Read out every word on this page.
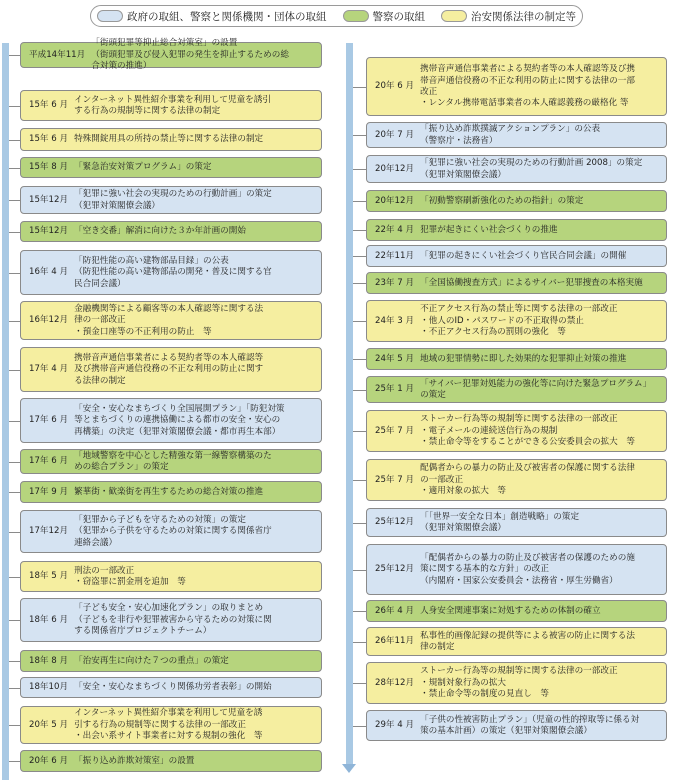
政府の取組、警察と関係機関・団体の取組	警察の取組	治安関係法律の制定等
平成14年11月
「街頭犯罪等抑止総合対策室」の設置
（街頭犯罪及び侵入犯罪の発生を抑止するための総
合対策の推進）
15年 6 月
インターネット異性紹介事業を利用して児童を誘引
する行為の規制等に関する法律の制定
15年 6 月 特殊開錠用具の所持の禁止等に関する法律の制定
15年 8 月 「緊急治安対策プログラム」の策定
15年12月
「犯罪に強い社会の実現のための行動計画」の策定
（犯罪対策閣僚会議）
15年12月 「空き交番」解消に向けた３か年計画の開始
16年 4 月
「防犯性能の高い建物部品目録」の公表
（防犯性能の高い建物部品の開発・普及に関する官
民合同会議）
16年12月
金融機関等による顧客等の本人確認等に関する法
律の一部改正
・預金口座等の不正利用の防止　等
17年 4 月
携帯音声通信事業者による契約者等の本人確認等
及び携帯音声通信役務の不正な利用の防止に関す
る法律の制定
17年 6 月
「安全・安心なまちづくり全国展開プラン」「防犯対策
等とまちづくりの連携協働による都市の安全・安心の
再構築」の決定（犯罪対策閣僚会議・都市再生本部）
17年 6 月
「地域警察を中心とした精強な第一線警察構築のた
めの総合プラン」の策定
17年 9 月 繁華街・歓楽街を再生するための総合対策の推進
17年12月
「犯罪から子どもを守るための対策」の策定
（犯罪から子供を守るための対策に関する関係省庁
連絡会議）
18年 5 月
刑法の一部改正
・窃盗罪に罰金刑を追加　等
18年 6 月
「子ども安全・安心加速化プラン」の取りまとめ
（子どもを非行や犯罪被害から守るための対策に関
する関係省庁プロジェクトチーム）
18年 8 月 「治安再生に向けた７つの重点」の策定
18年10月 「安全・安心なまちづくり関係功労者表彰」の開始
20年 5 月
インターネット異性紹介事業を利用して児童を誘
引する行為の規制等に関する法律の一部改正
・出会い系サイト事業者に対する規制の強化　等
20年 6 月 「振り込め詐欺対策室」の設置
20年 6 月
携帯音声通信事業者による契約者等の本人確認等及び携
帯音声通信役務の不正な利用の防止に関する法律の一部
改正
・レンタル携帯電話事業者の本人確認義務の厳格化 等
20年 7 月
「振り込め詐欺撲滅アクションプラン」の公表
（警察庁・法務省）
20年12月
「犯罪に強い社会の実現のための行動計画 2008」の策定
（犯罪対策閣僚会議）
20年12月 「初動警察刷新強化のための指針」の策定
22年 4 月 犯罪が起きにくい社会づくりの推進
22年11月 「犯罪の起きにくい社会づくり官民合同会議」の開催
23年 7 月 「全国協働捜査方式」によるサイバー犯罪捜査の本格実施
24年 3 月
不正アクセス行為の禁止等に関する法律の一部改正
・他人のID・パスワードの不正取得の禁止
・不正アクセス行為の罰則の強化　等
24年 5 月 地域の犯罪情勢に即した効果的な犯罪抑止対策の推進
25年 1 月
「サイバー犯罪対処能力の強化等に向けた緊急プログラム」
の策定
25年 7 月
ストーカー行為等の規制等に関する法律の一部改正
・電子メールの連続送信行為の規制
・禁止命令等をすることができる公安委員会の拡大　等
25年 7 月
配偶者からの暴力の防止及び被害者の保護に関する法律
の一部改正
・適用対象の拡大　等
25年12月
「「世界一安全な日本」創造戦略」の策定
（犯罪対策閣僚会議）
25年12月
「配偶者からの暴力の防止及び被害者の保護のための施
策に関する基本的な方針」の改正
（内閣府・国家公安委員会・法務省・厚生労働省）
26年 4 月 人身安全関連事案に対処するための体制の確立
26年11月
私事性的画像記録の提供等による被害の防止に関する法
律の制定
28年12月
ストーカー行為等の規制等に関する法律の一部改正
・規制対象行為の拡大
・禁止命令等の制度の見直し　等
29年 4 月
「子供の性被害防止プラン」（児童の性的搾取等に係る対
策の基本計画）の策定（犯罪対策閣僚会議）
